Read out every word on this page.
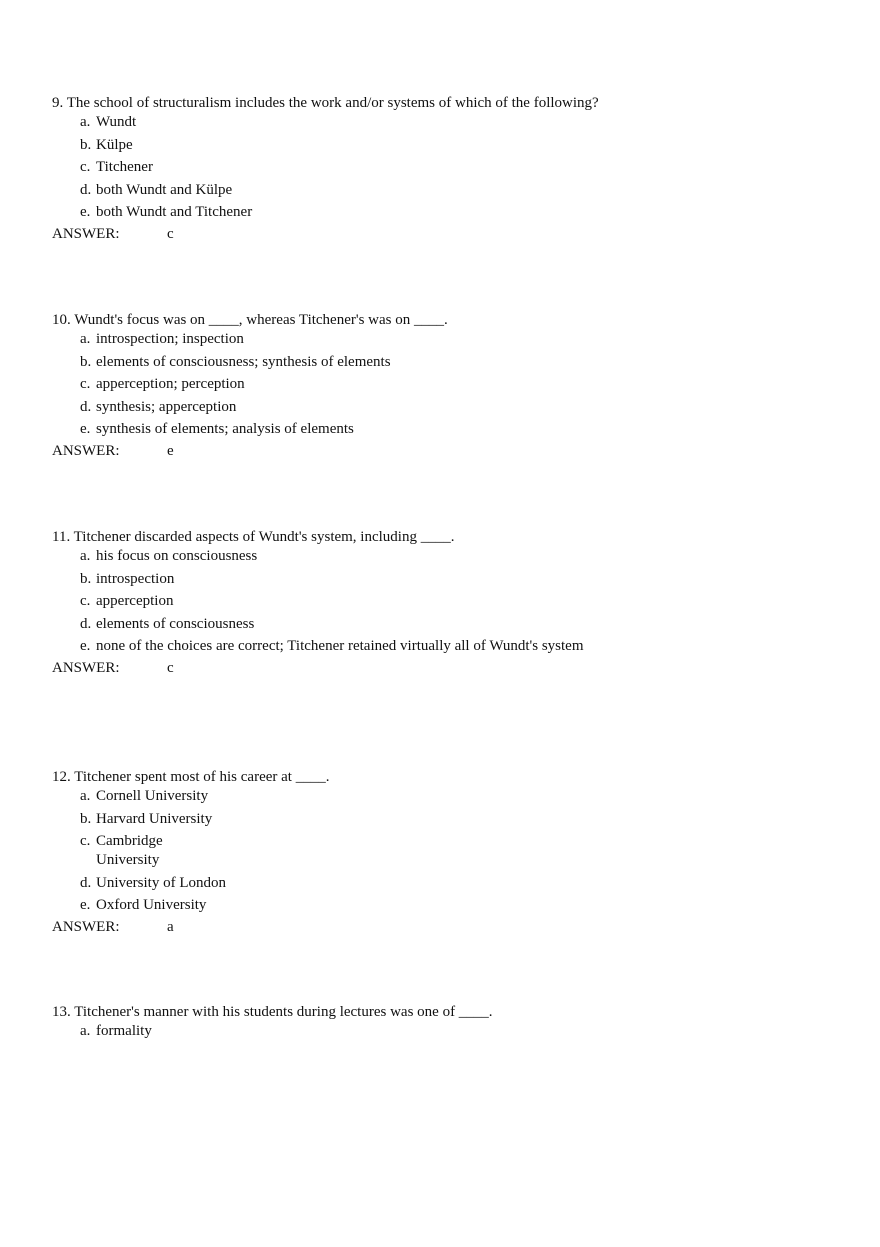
9. The school of structuralism includes the work and/or systems of which of the following?
a. Wundt
b. Külpe
c. Titchener
d. both Wundt and Külpe
e. both Wundt and Titchener
ANSWER:	c
10. Wundt's focus was on ____, whereas Titchener's was on ____.
a. introspection; inspection
b. elements of consciousness; synthesis of elements
c. apperception; perception
d. synthesis; apperception
e. synthesis of elements; analysis of elements
ANSWER:	e
11. Titchener discarded aspects of Wundt's system, including ____.
a. his focus on consciousness
b. introspection
c. apperception
d. elements of consciousness
e. none of the choices are correct; Titchener retained virtually all of Wundt's system
ANSWER:	c
12. Titchener spent most of his career at ____.
a. Cornell University
b. Harvard University
c. Cambridge University
d. University of London
e. Oxford University
ANSWER:	a
13. Titchener's manner with his students during lectures was one of ____.
a. formality
